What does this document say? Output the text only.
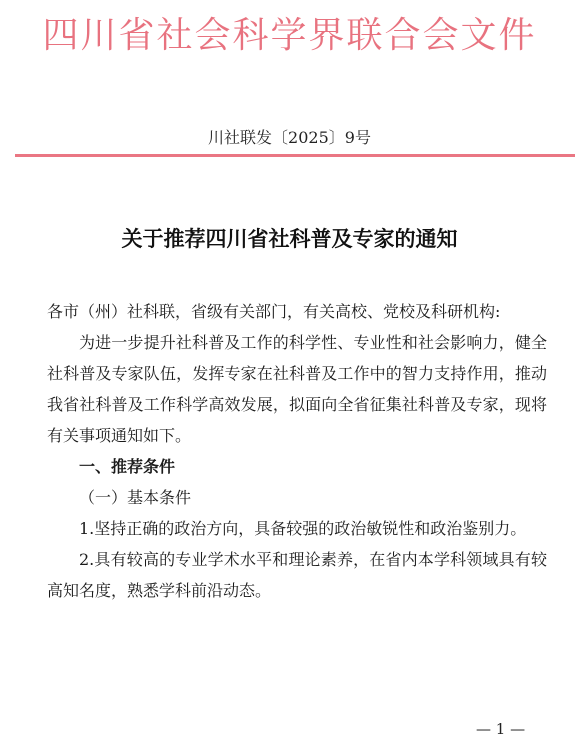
四川省社会科学界联合会文件
川社联发〔2025〕9号
关于推荐四川省社科普及专家的通知

各市（州）社科联，省级有关部门，有关高校、党校及科研机构:

为进一步提升社科普及工作的科学性、专业性和社会影响力，健全社科普及专家队伍，发挥专家在社科普及工作中的智力支持作用，推动我省社科普及工作科学高效发展，拟面向全省征集社科普及专家，现将有关事项通知如下。

一、推荐条件

（一）基本条件

1.坚持正确的政治方向，具备较强的政治敏锐性和政治鉴别力。

2.具有较高的专业学术水平和理论素养，在省内本学科领域具有较高知名度，熟悉学科前沿动态。

— 1 —
